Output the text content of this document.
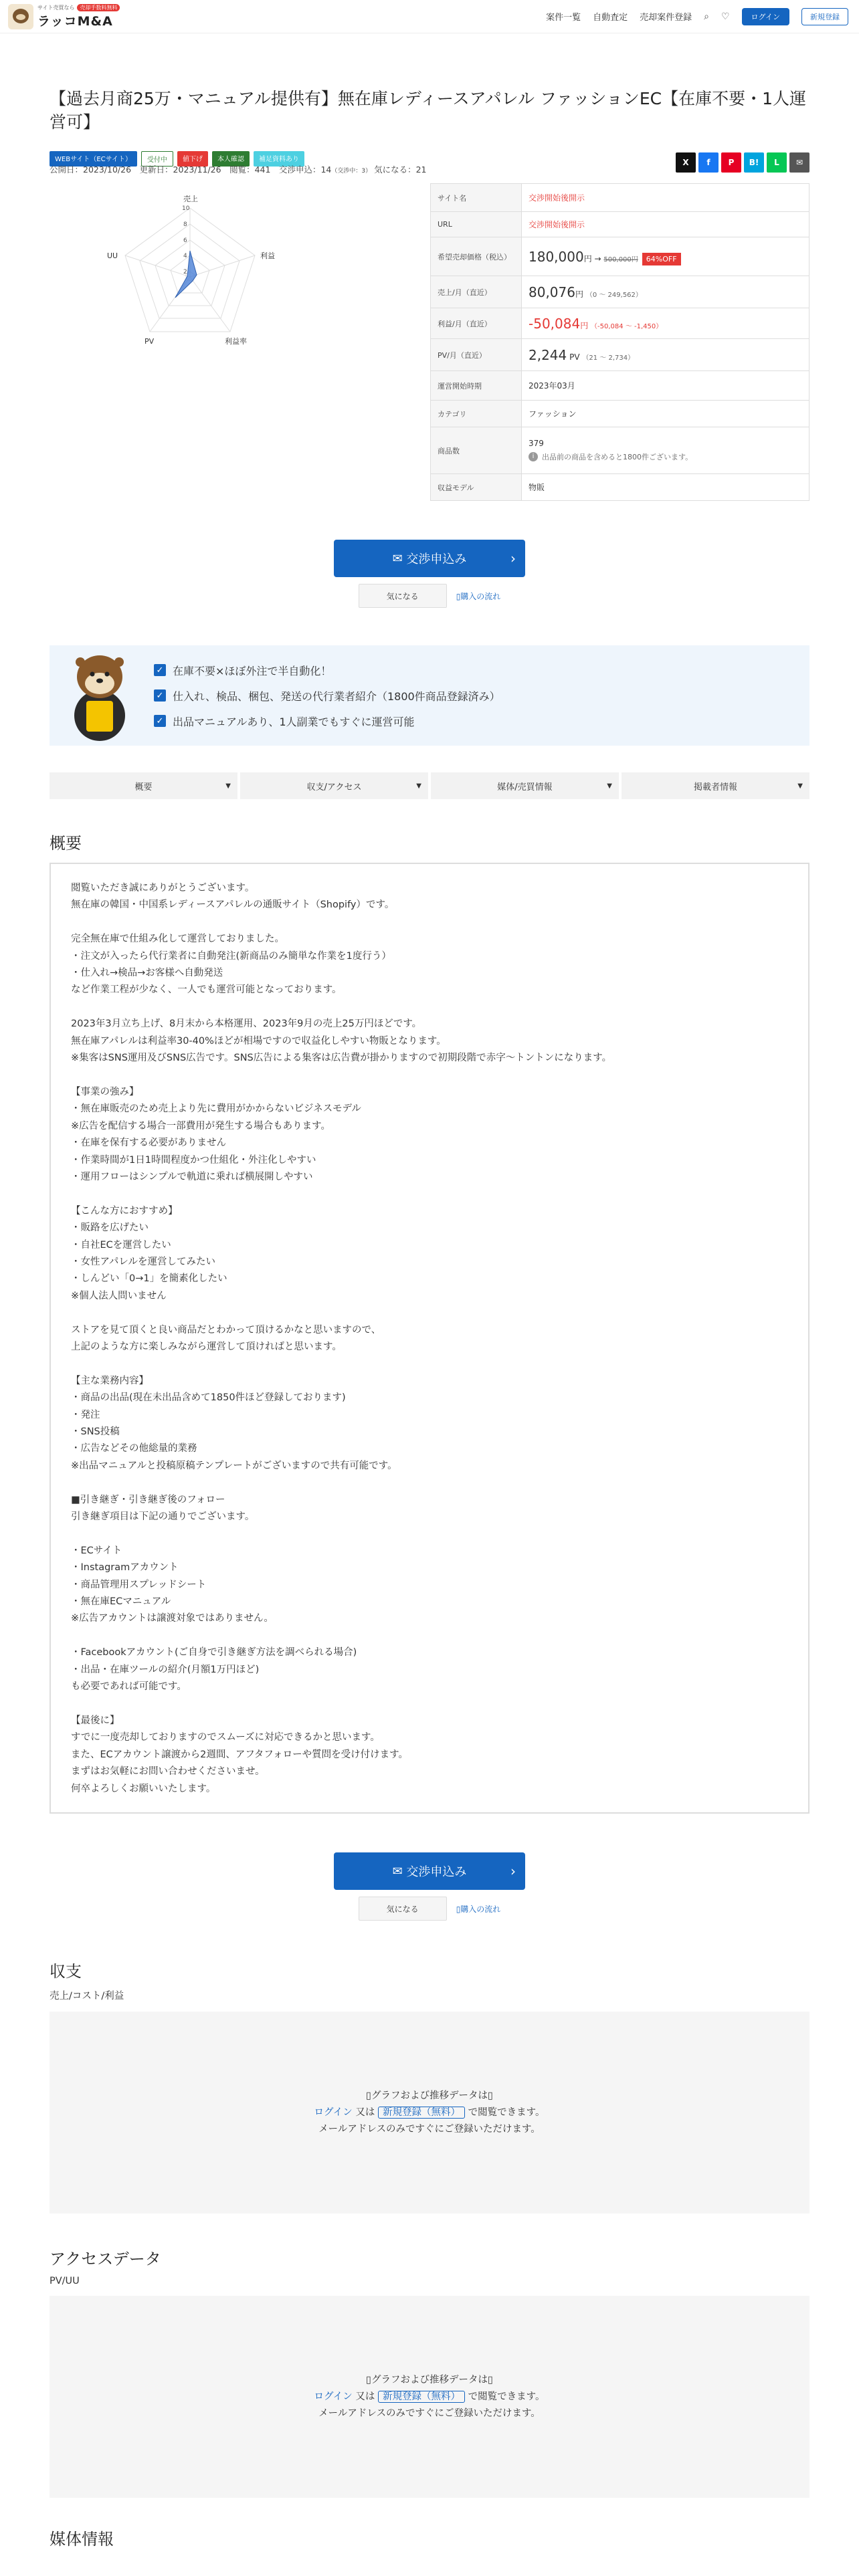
サイト売買なら	売却手数料無料
ラッコM&A	案件一覧 自動査定 売却案件登録 ⌕ ♡	ログイン	新規登録
【過去月商25万・マニュアル提供有】無在庫レディースアパレル ファッションEC【在庫不要・1人運営可】
WEBサイト（ECサイト）	受付中	値下げ	本人確認	補足資料あり	X	f	P	B!	L	✉
公開日：2023/10/26　更新日：2023/11/26　閲覧：441　交渉申込：14（交渉中：3） 気になる：21
10
8
6
4
2
売上
利益
利益率
PV
UU
サイト名	交渉開始後開示
URL	交渉開始後開示
希望売却価格（税込）	180,000円 → 500,000円 64%OFF
売上/月（直近）	80,076円 （0 ～ 249,562）
利益/月（直近）	-50,084円 （-50,084 ～ -1,450）
PV/月（直近）	2,244 PV （21 ～ 2,734）
運営開始時期	2023年03月
カテゴリ	ファッション
商品数	379
i 出品前の商品を含めると1800件ございます。

収益モデル	物販
✉ 交渉申込み	›
気になる	▯購入の流れ
✓ 在庫不要×ほぼ外注で半自動化！
✓ 仕入れ、検品、梱包、発送の代行業者紹介（1800件商品登録済み）
✓ 出品マニュアルあり、1人副業でもすぐに運営可能
概要	▼	収支/アクセス	▼	媒体/売買情報	▼	掲載者情報	▼
概要
閲覧いただき誠にありがとうございます。
無在庫の韓国・中国系レディースアパレルの通販サイト（Shopify）です。

完全無在庫で仕組み化して運営しておりました。
・注文が入ったら代行業者に自動発注(新商品のみ簡単な作業を1度行う）
・仕入れ→検品→お客様へ自動発送
など作業工程が少なく、一人でも運営可能となっております。

2023年3月立ち上げ、8月末から本格運用、2023年9月の売上25万円ほどです。
無在庫アパレルは利益率30-40%ほどが相場ですので収益化しやすい物販となります。
※集客はSNS運用及びSNS広告です。SNS広告による集客は広告費が掛かりますので初期段階で赤字～トントンになります。

【事業の強み】
・無在庫販売のため売上より先に費用がかからないビジネスモデル
※広告を配信する場合一部費用が発生する場合もあります。
・在庫を保有する必要がありません
・作業時間が1日1時間程度かつ仕組化・外注化しやすい
・運用フローはシンプルで軌道に乗れば横展開しやすい

【こんな方におすすめ】
・販路を広げたい
・自社ECを運営したい
・女性アパレルを運営してみたい
・しんどい「0→1」を簡素化したい
※個人法人問いません

ストアを見て頂くと良い商品だとわかって頂けるかなと思いますので、
上記のような方に楽しみながら運営して頂ければと思います。

【主な業務内容】
・商品の出品(現在未出品含めて1850件ほど登録しております)
・発注
・SNS投稿
・広告などその他総量的業務
※出品マニュアルと投稿原稿テンプレートがございますので共有可能です。

■引き継ぎ・引き継ぎ後のフォロー
引き継ぎ項目は下記の通りでございます。

・ECサイト
・Instagramアカウント
・商品管理用スプレッドシート
・無在庫ECマニュアル
※広告アカウントは譲渡対象ではありません。

・Facebookアカウント(ご自身で引き継ぎ方法を調べられる場合)
・出品・在庫ツールの紹介(月額1万円ほど)
も必要であれば可能です。

【最後に】
すでに一度売却しておりますのでスムーズに対応できるかと思います。
また、ECアカウント譲渡から2週間、アフタフォローや質問を受け付けます。
まずはお気軽にお問い合わせくださいませ。
何卒よろしくお願いいたします。
✉ 交渉申込み	›
気になる	▯購入の流れ
収支
売上/コスト/利益
▯グラフおよび推移データは▯
ログイン 又は 新規登録（無料） で閲覧できます。
メールアドレスのみですぐにご登録いただけます。
アクセスデータ
PV/UU
▯グラフおよび推移データは▯
ログイン 又は 新規登録（無料） で閲覧できます。
メールアドレスのみですぐにご登録いただけます。
媒体情報
